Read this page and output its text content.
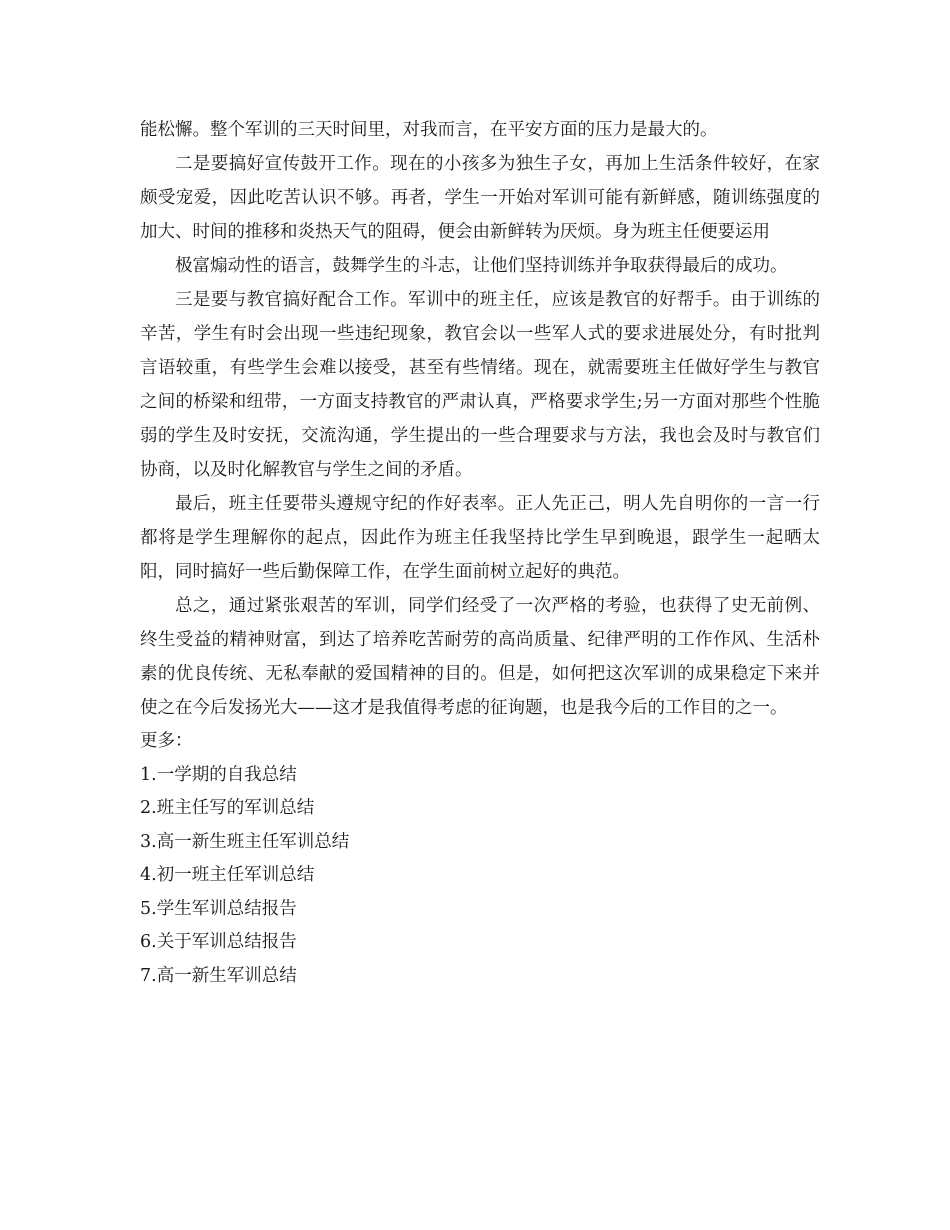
能松懈。整个军训的三天时间里，对我而言，在平安方面的压力是最大的。

二是要搞好宣传鼓开工作。现在的小孩多为独生子女，再加上生活条件较好，在家颇受宠爱，因此吃苦认识不够。再者，学生一开始对军训可能有新鲜感，随训练强度的加大、时间的推移和炎热天气的阻碍，便会由新鲜转为厌烦。身为班主任便要运用

极富煽动性的语言，鼓舞学生的斗志，让他们坚持训练并争取获得最后的成功。

三是要与教官搞好配合工作。军训中的班主任，应该是教官的好帮手。由于训练的辛苦，学生有时会出现一些违纪现象，教官会以一些军人式的要求进展处分，有时批判言语较重，有些学生会难以接受，甚至有些情绪。现在，就需要班主任做好学生与教官之间的桥梁和纽带，一方面支持教官的严肃认真，严格要求学生;另一方面对那些个性脆弱的学生及时安抚，交流沟通，学生提出的一些合理要求与方法，我也会及时与教官们协商，以及时化解教官与学生之间的矛盾。

最后，班主任要带头遵规守纪的作好表率。正人先正己，明人先自明你的一言一行都将是学生理解你的起点，因此作为班主任我坚持比学生早到晚退，跟学生一起晒太阳，同时搞好一些后勤保障工作，在学生面前树立起好的典范。

总之，通过紧张艰苦的军训，同学们经受了一次严格的考验，也获得了史无前例、终生受益的精神财富，到达了培养吃苦耐劳的高尚质量、纪律严明的工作作风、生活朴素的优良传统、无私奉献的爱国精神的目的。但是，如何把这次军训的成果稳定下来并使之在今后发扬光大——这才是我值得考虑的征询题，也是我今后的工作目的之一。

更多：

1.一学期的自我总结
2.班主任写的军训总结
3.高一新生班主任军训总结
4.初一班主任军训总结
5.学生军训总结报告
6.关于军训总结报告
7.高一新生军训总结
